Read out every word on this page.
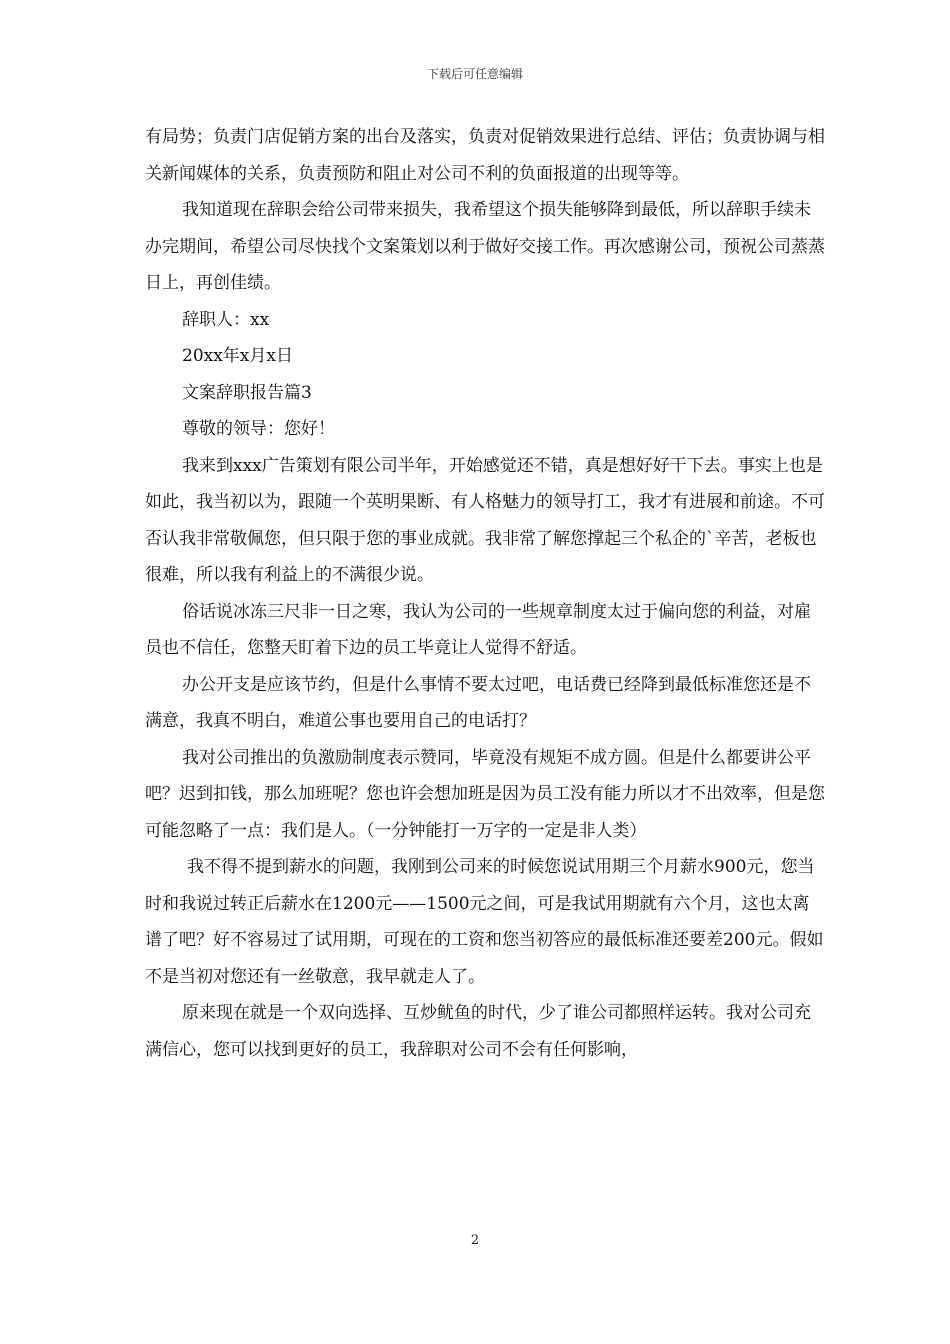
下载后可任意编辑

有局势；负责门店促销方案的出台及落实，负责对促销效果进行总结、评估；负责协调与相关新闻媒体的关系，负责预防和阻止对公司不利的负面报道的出现等等。

我知道现在辞职会给公司带来损失，我希望这个损失能够降到最低，所以辞职手续未办完期间，希望公司尽快找个文案策划以利于做好交接工作。再次感谢公司，预祝公司蒸蒸日上，再创佳绩。

辞职人：xx

20xx年x月x日

文案辞职报告篇3

尊敬的领导：您好！

我来到xxx广告策划有限公司半年，开始感觉还不错，真是想好好干下去。事实上也是如此，我当初以为，跟随一个英明果断、有人格魅力的领导打工，我才有进展和前途。不可否认我非常敬佩您，但只限于您的事业成就。我非常了解您撑起三个私企的`辛苦，老板也很难，所以我有利益上的不满很少说。

俗话说冰冻三尺非一日之寒，我认为公司的一些规章制度太过于偏向您的利益，对雇员也不信任，您整天盯着下边的员工毕竟让人觉得不舒适。

办公开支是应该节约，但是什么事情不要太过吧，电话费已经降到最低标准您还是不满意，我真不明白，难道公事也要用自己的电话打？

我对公司推出的负激励制度表示赞同，毕竟没有规矩不成方圆。但是什么都要讲公平吧？迟到扣钱，那么加班呢？您也许会想加班是因为员工没有能力所以才不出效率，但是您可能忽略了一点：我们是人。（一分钟能打一万字的一定是非人类）

我不得不提到薪水的问题，我刚到公司来的时候您说试用期三个月薪水900元，您当时和我说过转正后薪水在1200元——1500元之间，可是我试用期就有六个月，这也太离谱了吧？好不容易过了试用期，可现在的工资和您当初答应的最低标准还要差200元。假如不是当初对您还有一丝敬意，我早就走人了。

原来现在就是一个双向选择、互炒鱿鱼的时代，少了谁公司都照样运转。我对公司充满信心，您可以找到更好的员工，我辞职对公司不会有任何影响，

2
